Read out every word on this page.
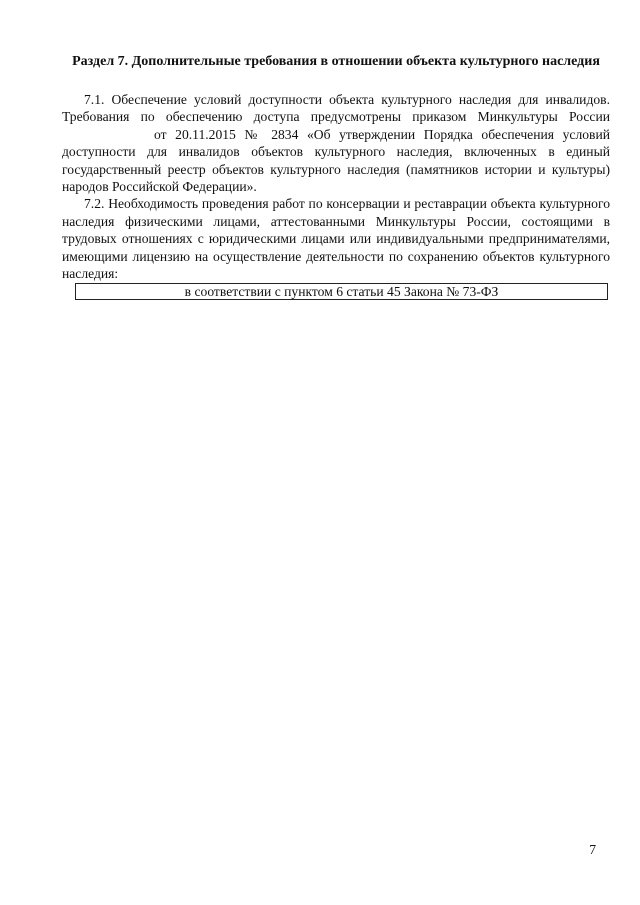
Раздел 7. Дополнительные требования в отношении объекта культурного наследия

7.1. Обеспечение условий доступности объекта культурного наследия для инвалидов. Требования по обеспечению доступа предусмотрены приказом Минкультуры Россииот 20.11.2015 № 2834 «Об утверждении Порядка обеспечения условий доступности для инвалидов объектов культурного наследия, включенных в единый государственный реестр объектов культурного наследия (памятников истории и культуры) народов Российской Федерации».

7.2. Необходимость проведения работ по консервации и реставрации объекта культурного наследия физическими лицами, аттестованными Минкультуры России, состоящими в трудовых отношениях с юридическими лицами или индивидуальными предпринимателями, имеющими лицензию на осуществление деятельности по сохранению объектов культурного наследия:

в соответствии с пунктом 6 статьи 45 Закона № 73-ФЗ
7
